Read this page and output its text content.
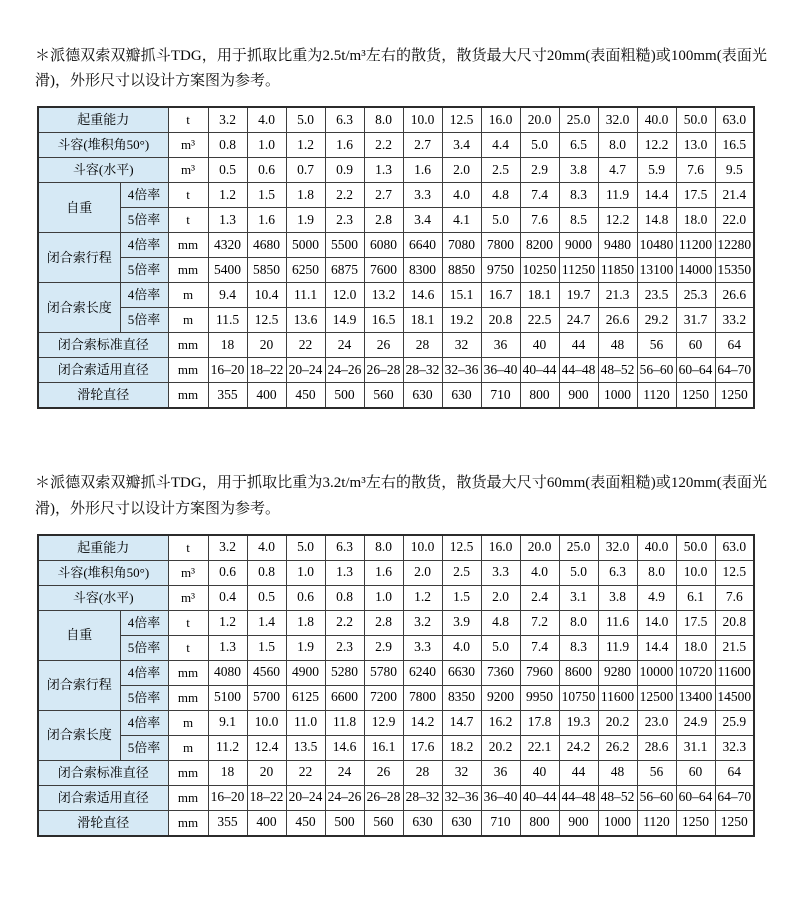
＊派德双索双瓣抓斗TDG，用于抓取比重为2.5t/m³左右的散货，散货最大尺寸20mm(表面粗糙)或100mm(表面光滑)，外形尺寸以设计方案图为参考。

起重能力		t	3.2	4.0	5.0	6.3	8.0	10.0	12.5	16.0	20.0	25.0	32.0	40.0	50.0	63.0
斗容(堆积角50°)		m³	0.8	1.0	1.2	1.6	2.2	2.7	3.4	4.4	5.0	6.5	8.0	12.2	13.0	16.5
斗容(水平)		m³	0.5	0.6	0.7	0.9	1.3	1.6	2.0	2.5	2.9	3.8	4.7	5.9	7.6	9.5
自重	4倍率	t	1.2	1.5	1.8	2.2	2.7	3.3	4.0	4.8	7.4	8.3	11.9	14.4	17.5	21.4
	5倍率	t	1.3	1.6	1.9	2.3	2.8	3.4	4.1	5.0	7.6	8.5	12.2	14.8	18.0	22.0
闭合索行程	4倍率	mm	4320	4680	5000	5500	6080	6640	7080	7800	8200	9000	9480	10480	11200	12280
	5倍率	mm	5400	5850	6250	6875	7600	8300	8850	9750	10250	11250	11850	13100	14000	15350
闭合索长度	4倍率	m	9.4	10.4	11.1	12.0	13.2	14.6	15.1	16.7	18.1	19.7	21.3	23.5	25.3	26.6
	5倍率	m	11.5	12.5	13.6	14.9	16.5	18.1	19.2	20.8	22.5	24.7	26.6	29.2	31.7	33.2
闭合索标准直径		mm	18	20	22	24	26	28	32	36	40	44	48	56	60	64
闭合索适用直径		mm	16–20	18–22	20–24	24–26	26–28	28–32	32–36	36–40	40–44	44–48	48–52	56–60	60–64	64–70
滑轮直径		mm	355	400	450	500	560	630	630	710	800	900	1000	1120	1250	1250

＊派德双索双瓣抓斗TDG，用于抓取比重为3.2t/m³左右的散货，散货最大尺寸60mm(表面粗糙)或120mm(表面光滑)，外形尺寸以设计方案图为参考。

起重能力		t	3.2	4.0	5.0	6.3	8.0	10.0	12.5	16.0	20.0	25.0	32.0	40.0	50.0	63.0
斗容(堆积角50°)		m³	0.6	0.8	1.0	1.3	1.6	2.0	2.5	3.3	4.0	5.0	6.3	8.0	10.0	12.5
斗容(水平)		m³	0.4	0.5	0.6	0.8	1.0	1.2	1.5	2.0	2.4	3.1	3.8	4.9	6.1	7.6
自重	4倍率	t	1.2	1.4	1.8	2.2	2.8	3.2	3.9	4.8	7.2	8.0	11.6	14.0	17.5	20.8
	5倍率	t	1.3	1.5	1.9	2.3	2.9	3.3	4.0	5.0	7.4	8.3	11.9	14.4	18.0	21.5
闭合索行程	4倍率	mm	4080	4560	4900	5280	5780	6240	6630	7360	7960	8600	9280	10000	10720	11600
	5倍率	mm	5100	5700	6125	6600	7200	7800	8350	9200	9950	10750	11600	12500	13400	14500
闭合索长度	4倍率	m	9.1	10.0	11.0	11.8	12.9	14.2	14.7	16.2	17.8	19.3	20.2	23.0	24.9	25.9
	5倍率	m	11.2	12.4	13.5	14.6	16.1	17.6	18.2	20.2	22.1	24.2	26.2	28.6	31.1	32.3
闭合索标准直径		mm	18	20	22	24	26	28	32	36	40	44	48	56	60	64
闭合索适用直径		mm	16–20	18–22	20–24	24–26	26–28	28–32	32–36	36–40	40–44	44–48	48–52	56–60	60–64	64–70
滑轮直径		mm	355	400	450	500	560	630	630	710	800	900	1000	1120	1250	1250
